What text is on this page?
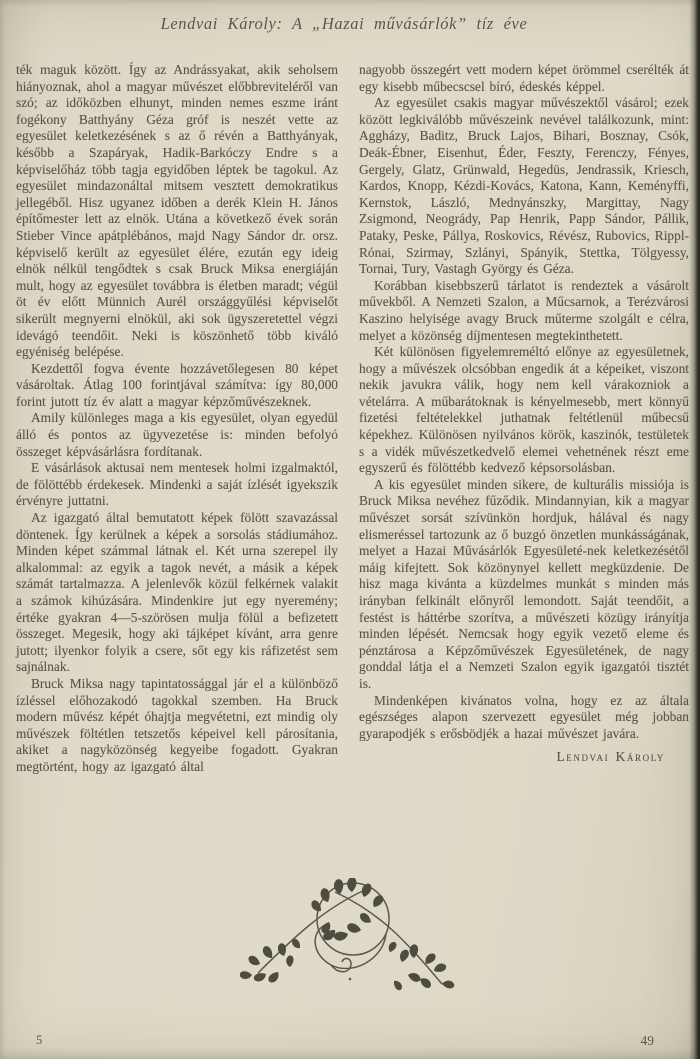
Lendvai Károly: A „Hazai művásárlók” tíz éve

ték maguk között. Így az Andrássyakat, akik seholsem hiányoznak, ahol a magyar művészet előbbreviteléről van szó; az időközben elhunyt, minden nemes eszme iránt fogékony Batthyány Géza gróf is neszét vette az egyesület keletkezésének s az ő révén a Batthyányak, később a Szapáryak, Hadik-Barkóczy Endre s a képviselőház több tagja egyidőben léptek be tagokul. Az egyesület mindazonáltal mitsem vesztett demokratikus jellegéből. Hisz ugyanez időben a derék Klein H. János építőmester lett az elnök. Utána a következő évek során Stieber Vince apátplébános, majd Nagy Sándor dr. orsz. képviselő került az egyesület élére, ezután egy ideig elnök nélkül tengődtek s csak Bruck Miksa energiáján mult, hogy az egyesület továbbra is életben maradt; végül öt év előtt Münnich Aurél országgyűlési képviselőt sikerült megnyerni elnökül, aki sok ügyszeretettel végzi idevágó teendőit. Neki is köszönhető több kiváló egyéniség belépése.

Kezdettől fogva évente hozzávetőlegesen 80 képet vásároltak. Átlag 100 forintjával számítva: így 80,000 forint jutott tíz év alatt a magyar képzőművészeknek.

Amily különleges maga a kis egyesület, olyan egyedül álló és pontos az ügyvezetése is: minden befolyó összeget képvásárlásra fordítanak.

E vásárlások aktusai nem mentesek holmi izgalmaktól, de fölöttébb érdekesek. Mindenki a saját ízlését igyekszik érvényre juttatni.

Az igazgató által bemutatott képek fölött szavazással döntenek. Így kerülnek a képek a sorsolás stádiumához. Minden képet számmal látnak el. Két urna szerepel ily alkalommal: az egyik a tagok nevét, a másik a képek számát tartalmazza. A jelenlevők közül felkérnek valakit a számok kihúzására. Mindenkire jut egy nyeremény; értéke gyakran 4—5-szörösen mulja fölül a befizetett összeget. Megesik, hogy aki tájképet kívánt, arra genre jutott; ilyenkor folyik a csere, sőt egy kis ráfizetést sem sajnálnak.

Bruck Miksa nagy tapintatossággal jár el a különböző ízléssel előhozakodó tagokkal szemben. Ha Bruck modern művész képét óhajtja megvétetni, ezt mindig oly művészek föltétlen tetszetős képeivel kell párosítania, akiket a nagyközönség kegyeibe fogadott. Gyakran megtörtént, hogy az igazgató által

nagyobb összegért vett modern képet örömmel cserélték át egy kisebb műbecscsel bíró, édeskés képpel.

Az egyesület csakis magyar művészektől vásárol; ezek között legkiválóbb művészeink nevével találkozunk, mint: Aggházy, Baditz, Bruck Lajos, Bihari, Bosznay, Csók, Deák-Ébner, Eisenhut, Éder, Feszty, Ferenczy, Fényes, Gergely, Glatz, Grünwald, Hegedüs, Jendrassik, Kriesch, Kardos, Knopp, Kézdi-Kovács, Katona, Kann, Keményffi, Kernstok, László, Mednyánszky, Margittay, Nagy Zsigmond, Neogrády, Pap Henrik, Papp Sándor, Pállik, Pataky, Peske, Pállya, Roskovics, Révész, Rubovics, Rippl-Rónai, Szirmay, Szlányi, Spányik, Stettka, Tölgyessy, Tornai, Tury, Vastagh György és Géza.

Korábban kisebbszerű tárlatot is rendeztek a vásárolt művekből. A Nemzeti Szalon, a Műcsarnok, a Terézvárosi Kaszino helyisége avagy Bruck műterme szolgált e célra, melyet a közönség díjmentesen megtekinthetett.

Két különösen figyelemreméltó előnye az egyesületnek, hogy a művészek olcsóbban engedik át a képeiket, viszont nekik javukra válik, hogy nem kell várakozniok a vételárra. A műbarátoknak is kényelmesebb, mert könnyű fizetési feltételekkel juthatnak feltétlenül műbecsű képekhez. Különösen nyilvános körök, kaszinók, testületek s a vidék művészetkedvelő elemei vehetnének részt eme egyszerű és fölöttébb kedvező képsorsolásban.

A kis egyesület minden sikere, de kulturális missiója is Bruck Miksa nevéhez fűződik. Mindannyian, kik a magyar művészet sorsát szívünkön hordjuk, hálával és nagy elismeréssel tartozunk az ő buzgó önzetlen munkásságának, melyet a Hazai Művásárlók Egyesületé-nek keletkezésétől máig kifejtett. Sok közönynyel kellett megküzdenie. De hisz maga kivánta a küzdelmes munkát s minden más irányban felkinált előnyről lemondott. Saját teendőit, a festést is háttérbe szorítva, a művészeti közügy irányítja minden lépését. Nemcsak hogy egyik vezető eleme és pénztárosa a Képzőművészek Egyesületének, de nagy gonddal látja el a Nemzeti Szalon egyik igazgatói tisztét is.

Mindenképen kivánatos volna, hogy ez az általa egészséges alapon szervezett egyesület még jobban gyarapodjék s erősbödjék a hazai művészet javára.

Lendvai Károly

5	49
